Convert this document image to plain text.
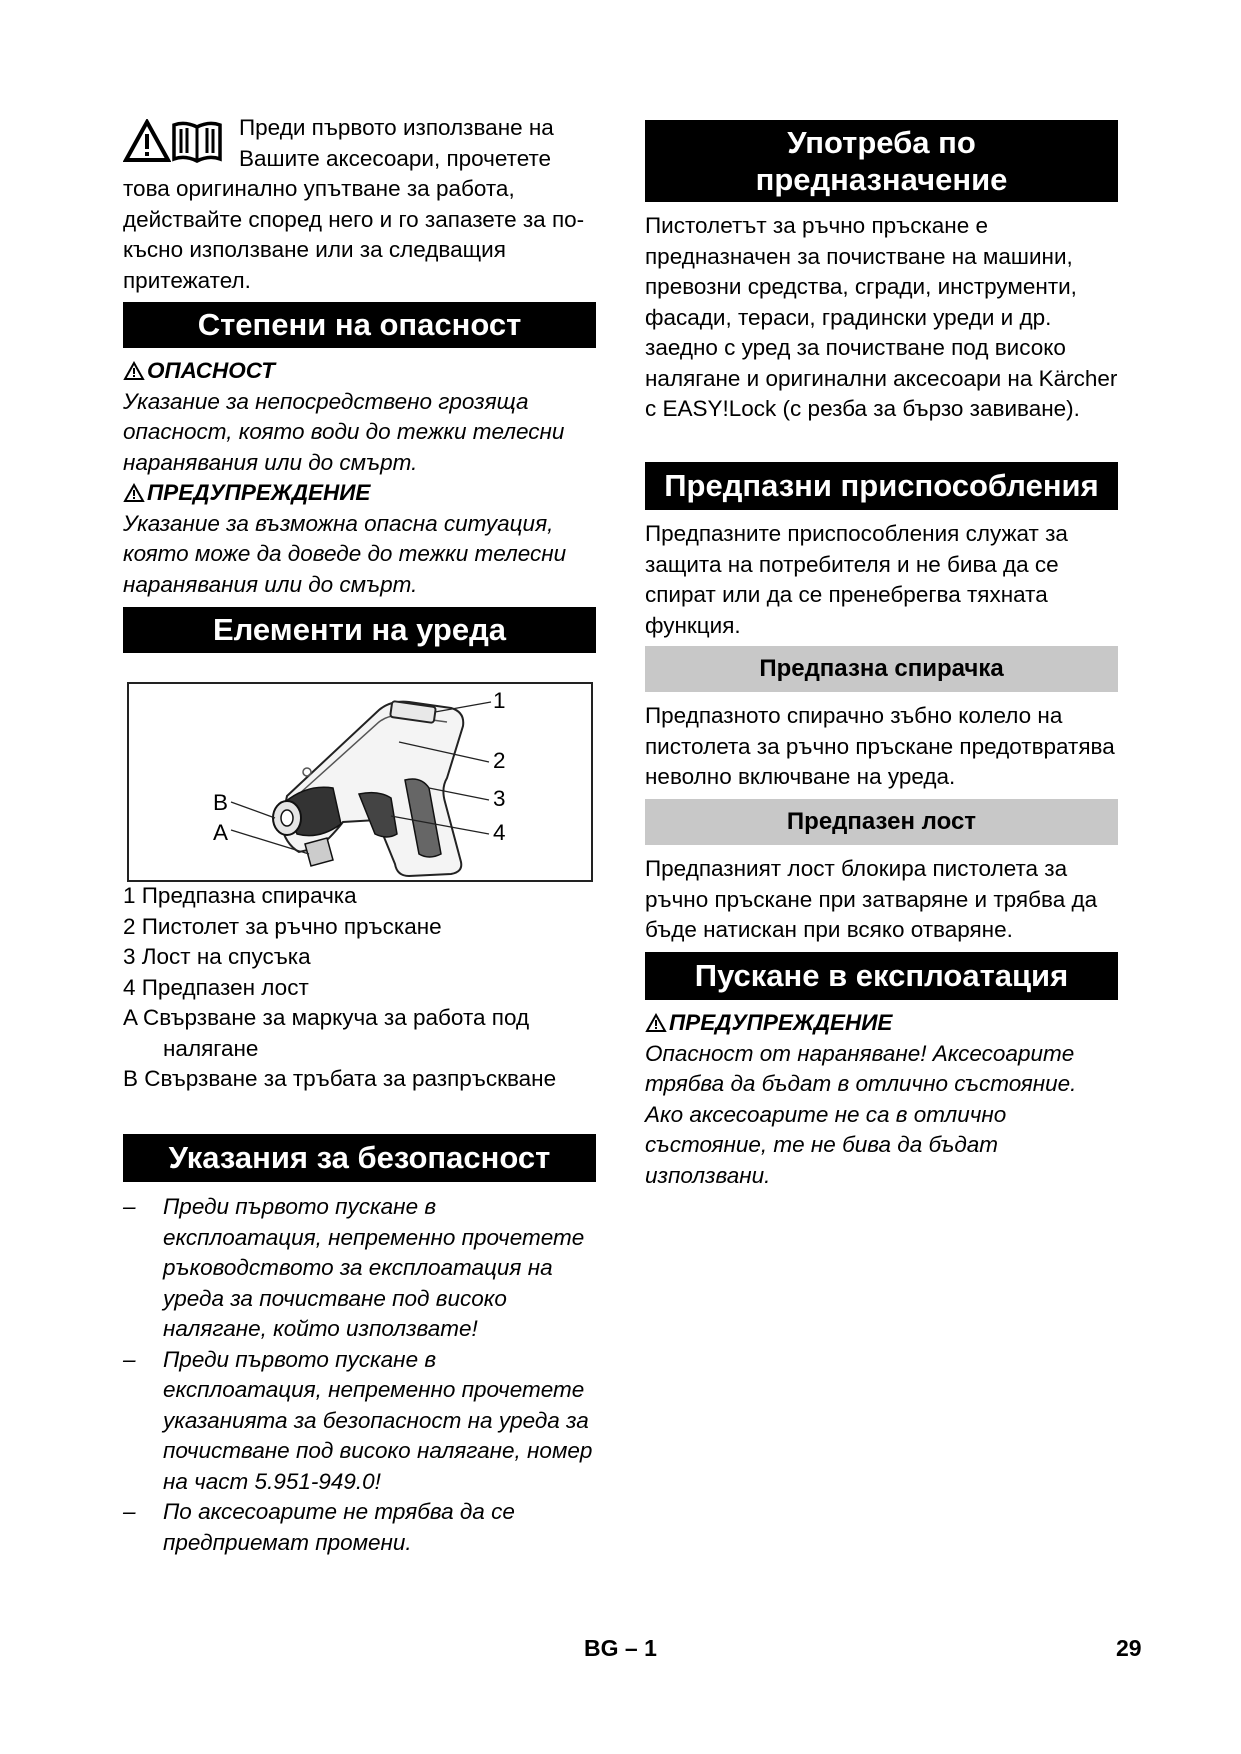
Преди първото използване на

Вашите аксесоари, прочетете

това оригинално упътване за работа, действайте според него и го запазете за по-късно използване или за следващия притежател.

Степени на опасност
ОПАСНОСТ

Указание за непосредствено грозяща опасност, която води до тежки телесни наранявания или до смърт.

ПРЕДУПРЕЖДЕНИЕ

Указание за възможна опасна ситуация, която може да доведе до тежки телесни наранявания или до смърт.

Елементи на уреда
1
2
3
4
B
A
1 Предпазна спирачка
2 Пистолет за ръчно пръскане
3 Лост на спусъка
4 Предпазен лост
A Свързване за маркуча за работа под налягане
B Свързване за тръбата за разпръскване
Указания за безопасност
– Преди първото пускане в експлоатация, непременно прочетете ръководството за експлоатация на уреда за почистване под високо налягане, който използвате!
– Преди първото пускане в експлоатация, непременно прочетете указанията за безопасност на уреда за почистване под високо налягане, номер на част 5.951-949.0!
– По аксесоарите не трябва да се предприемат промени.
Употреба по
предназначение

Пистолетът за ръчно пръскане е предназначен за почистване на машини, превозни средства, сгради, инструменти, фасади, тераси, градински уреди и др. заедно с уред за почистване под високо налягане и оригинални аксесоари на Kärcher с EASY!Lock (с резба за бързо завиване).

Предпазни приспособления

Предпазните приспособления служат за защита на потребителя и не бива да се спират или да се пренебрегва тяхната функция.

Предпазна спирачка

Предпазното спирачно зъбно колело на пистолета за ръчно пръскане предотвратява неволно включване на уреда.

Предпазен лост

Предпазният лост блокира пистолета за ръчно пръскане при затваряне и трябва да бъде натискан при всяко отваряне.

Пускане в експлоатация
ПРЕДУПРЕЖДЕНИЕ

Опасност от нараняване! Аксесоарите трябва да бъдат в отлично състояние. Ако аксесоарите не са в отлично състояние, те не бива да бъдат използвани.

BG – 1	29
